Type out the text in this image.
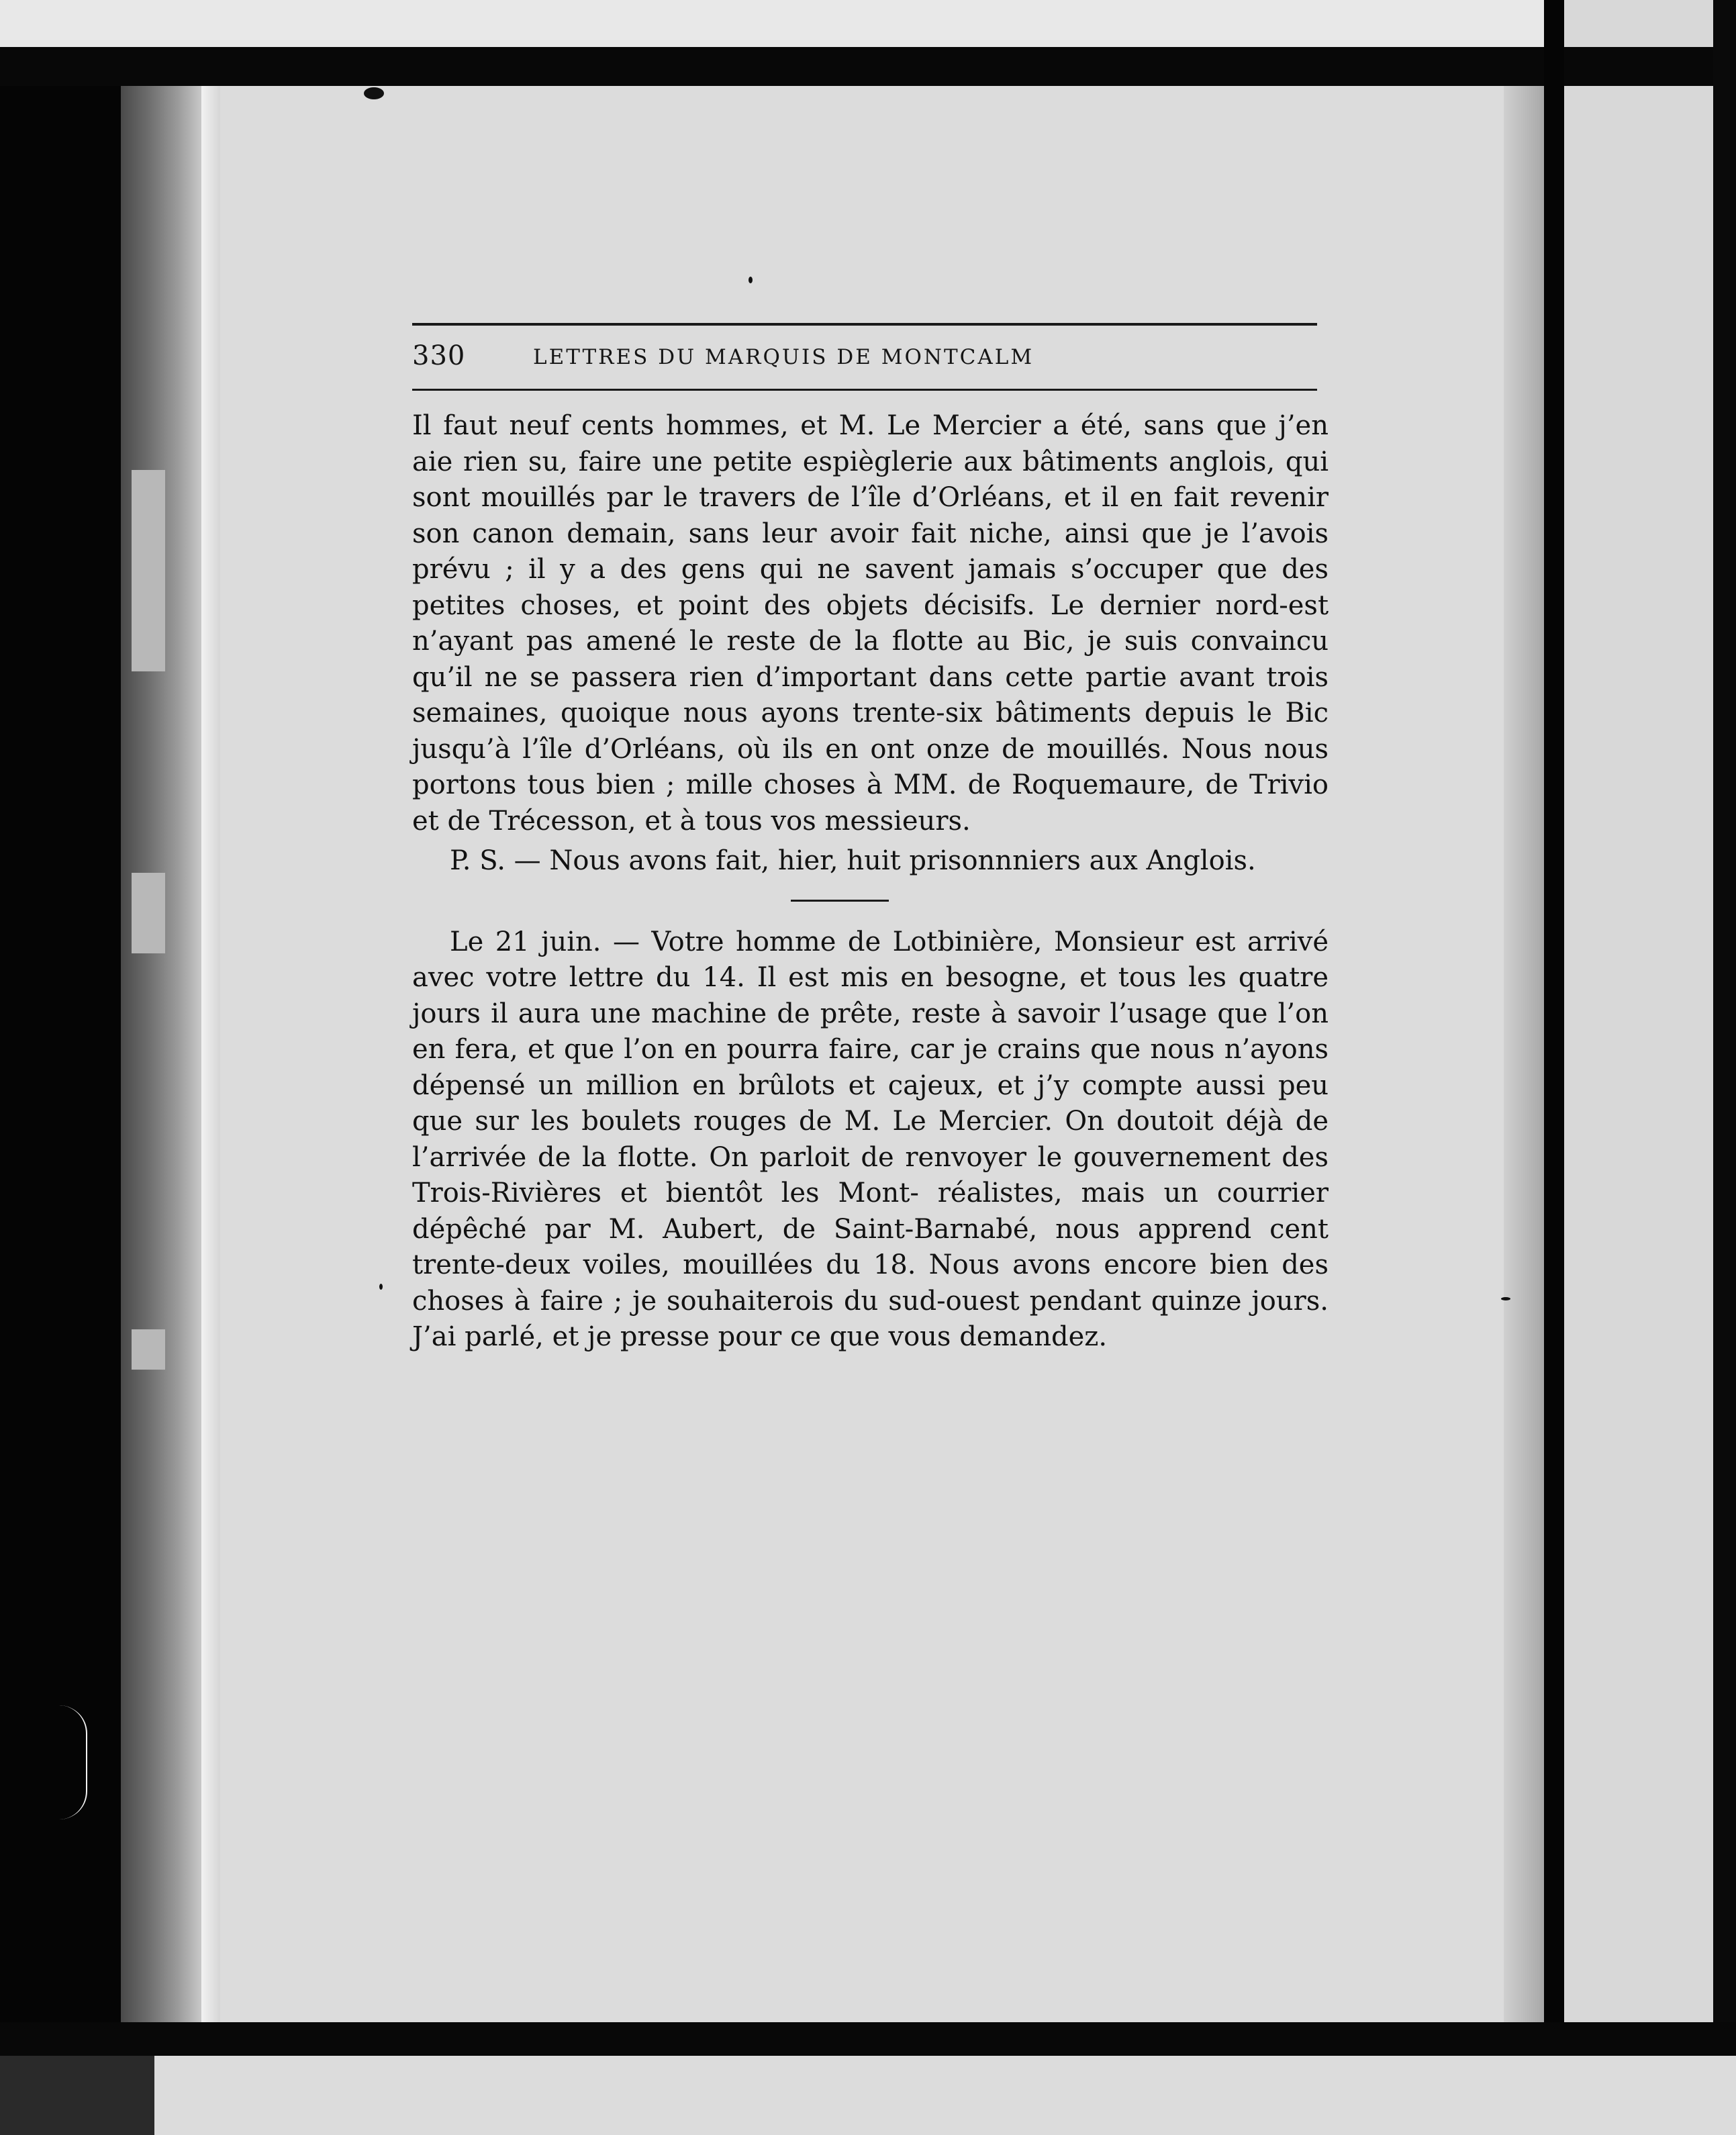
330	LETTRES DU MARQUIS DE MONTCALM

Il faut neuf cents hommes, et M. Le Mercier a été, sans que j’en aie rien su, faire une petite espièglerie aux bâtiments anglois, qui sont mouillés par le travers de l’île d’Orléans, et il en fait revenir son canon demain, sans leur avoir fait niche, ainsi que je l’avois prévu ; il y a des gens qui ne savent jamais s’occuper que des petites choses, et point des objets décisifs. Le dernier nord-est n’ayant pas amené le reste de la flotte au Bic, je suis convaincu qu’il ne se passera rien d’important dans cette partie avant trois semaines, quoique nous ayons trente-six bâtiments depuis le Bic jusqu’à l’île d’Orléans, où ils en ont onze de mouillés. Nous nous portons tous bien ; mille choses à MM. de Roquemaure, de Trivio et de Trécesson, et à tous vos messieurs.

P. S. — Nous avons fait, hier, huit prisonnniers aux Anglois.

Le 21 juin. — Votre homme de Lotbinière, Monsieur est arrivé avec votre lettre du 14. Il est mis en besogne, et tous les quatre jours il aura une machine de prête, reste à savoir l’usage que l’on en fera, et que l’on en pourra faire, car je crains que nous n’ayons dépensé un million en brûlots et cajeux, et j’y compte aussi peu que sur les boulets rouges de M. Le Mercier. On doutoit déjà de l’arrivée de la flotte. On parloit de renvoyer le gouvernement des Trois-Rivières et bientôt les Mont- réalistes, mais un courrier dépêché par M. Aubert, de Saint-Barnabé, nous apprend cent trente-deux voiles, mouillées du 18. Nous avons encore bien des choses à faire ; je souhaiterois du sud-ouest pendant quinze jours. J’ai parlé, et je presse pour ce que vous demandez.
